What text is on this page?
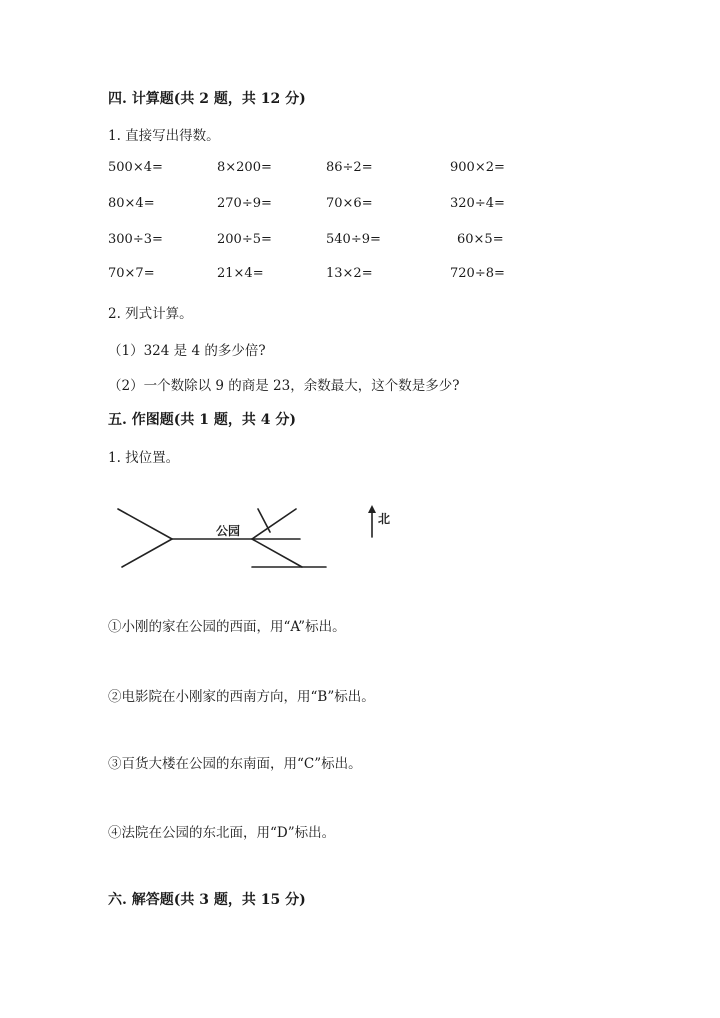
四. 计算题(共 2 题，共 12 分)
1. 直接写出得数。
500×4=	8×200=	86÷2=	900×2=
80×4=	270÷9=	70×6=	320÷4=
300÷3=	200÷5=	540÷9=	60×5=
70×7=	21×4=	13×2=	720÷8=
2. 列式计算。
（1）324 是 4 的多少倍?
（2）一个数除以 9 的商是 23，余数最大，这个数是多少?
五. 作图题(共 1 题，共 4 分)
1. 找位置。
公园
北
①小刚的家在公园的西面，用“A”标出。
②电影院在小刚家的西南方向，用“B”标出。
③百货大楼在公园的东南面，用“C”标出。
④法院在公园的东北面，用“D”标出。
六. 解答题(共 3 题，共 15 分)
